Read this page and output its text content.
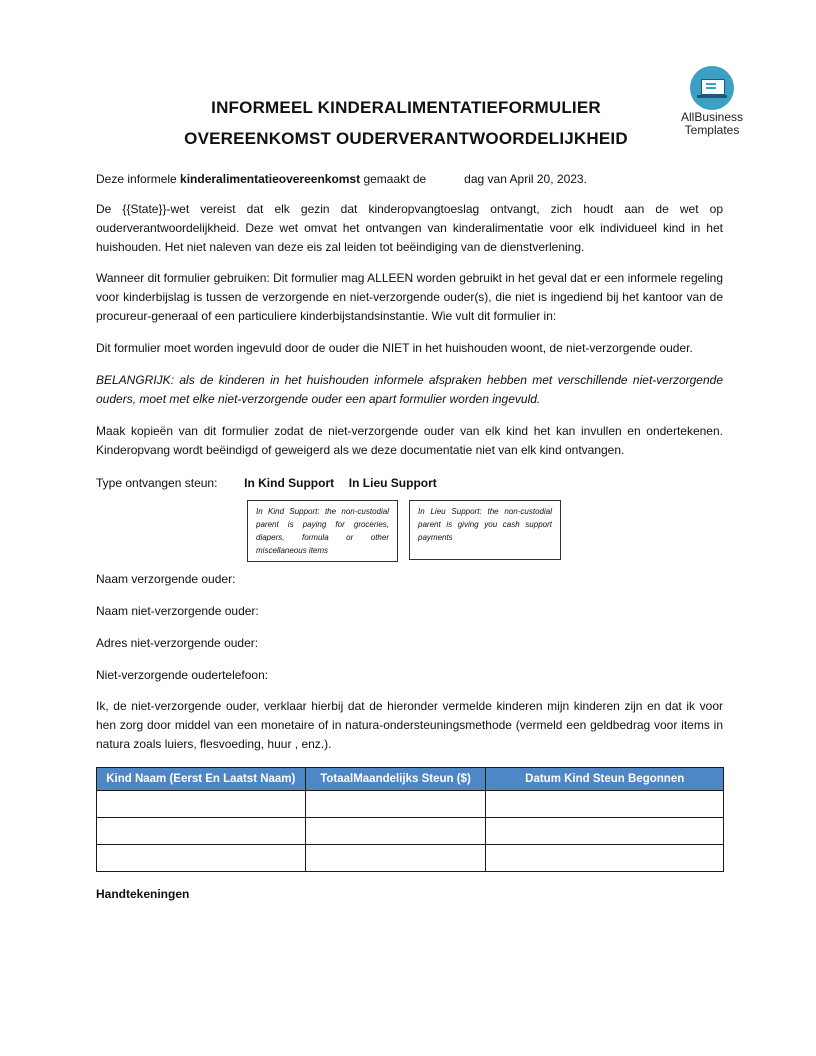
AllBusiness
Templates
INFORMEEL KINDERALIMENTATIEFORMULIER
OVEREENKOMST OUDERVERANTWOORDELIJKHEID
Deze informele kinderalimentatieovereenkomst gemaakt de	dag van April 20, 2023.

De {{State}}-wet vereist dat elk gezin dat kinderopvangtoeslag ontvangt, zich houdt aan de wet op ouderverantwoordelijkheid. Deze wet omvat het ontvangen van kinderalimentatie voor elk individueel kind in het huishouden. Het niet naleven van deze eis zal leiden tot beëindiging van de dienstverlening.

Wanneer dit formulier gebruiken: Dit formulier mag ALLEEN worden gebruikt in het geval dat er een informele regeling voor kinderbijslag is tussen de verzorgende en niet-verzorgende ouder(s), die niet is ingediend bij het kantoor van de procureur-generaal of een particuliere kinderbijstandsinstantie. Wie vult dit formulier in:

Dit formulier moet worden ingevuld door de ouder die NIET in het huishouden woont, de niet-verzorgende ouder.

BELANGRIJK: als de kinderen in het huishouden informele afspraken hebben met verschillende niet-verzorgende ouders, moet met elke niet-verzorgende ouder een apart formulier worden ingevuld.

Maak kopieën van dit formulier zodat de niet-verzorgende ouder van elk kind het kan invullen en ondertekenen. Kinderopvang wordt beëindigd of geweigerd als we deze documentatie niet van elk kind ontvangen.

Type ontvangen steun: In Kind Support In Lieu Support
In Kind Support: the non-custodial parent is paying for groceries, diapers, formula or other miscellaneous items
In Lieu Support: the non-custodial parent is giving you cash support payments
Naam verzorgende ouder:
Naam niet-verzorgende ouder:
Adres niet-verzorgende ouder:
Niet-verzorgende oudertelefoon:

Ik, de niet-verzorgende ouder, verklaar hierbij dat de hieronder vermelde kinderen mijn kinderen zijn en dat ik voor hen zorg door middel van een monetaire of in natura-ondersteuningsmethode (vermeld een geldbedrag voor items in natura zoals luiers, flesvoeding, huur , enz.).

Kind Naam (Eerst En Laatst Naam)	TotaalMaandelijks Steun ($)	Datum Kind Steun Begonnen

Handtekeningen
